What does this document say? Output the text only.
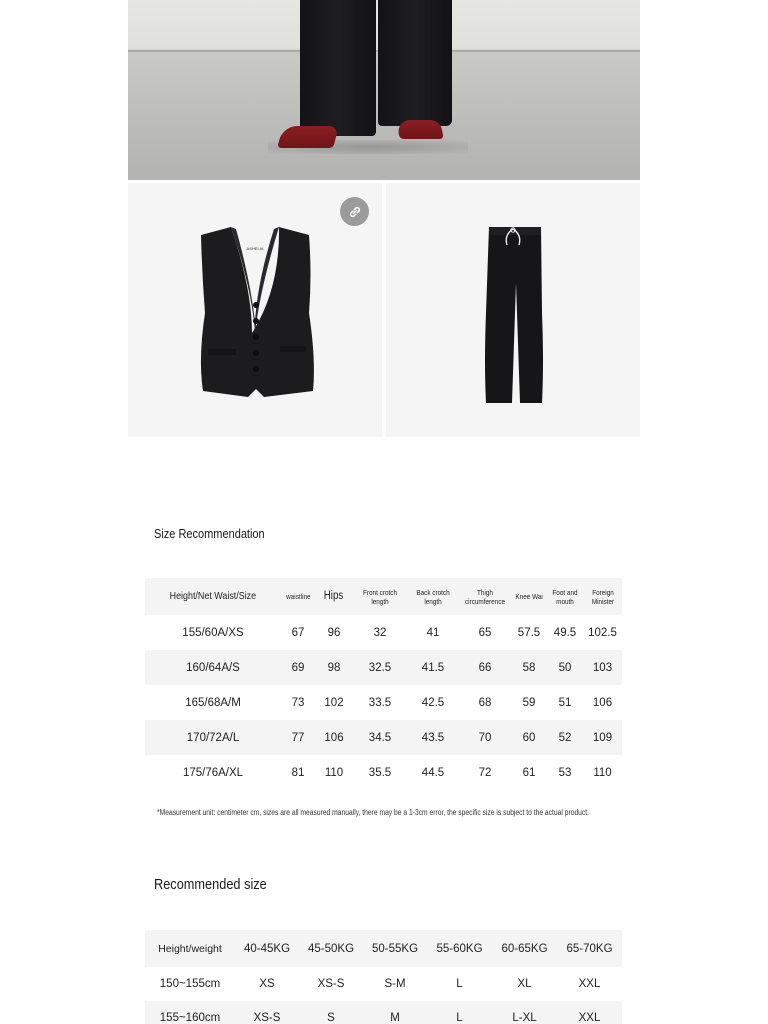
ASHELIA
Size Recommendation
Height/Net Waist/Size	waistline	Hips	Front crotch length	Back crotch length	Thigh circumference	Knee Wai	Foot and mouth	Foreign Minister
155/60A/XS	67	96	32	41	65	57.5	49.5	102.5
160/64A/S	69	98	32.5	41.5	66	58	50	103
165/68A/M	73	102	33.5	42.5	68	59	51	106
170/72A/L	77	106	34.5	43.5	70	60	52	109
175/76A/XL	81	110	35.5	44.5	72	61	53	110
*Measurement unit: centimeter cm, sizes are all measured manually, there may be a 1-3cm error, the specific size is subject to the actual product.
Recommended size
Height/weight	40-45KG	45-50KG	50-55KG	55-60KG	60-65KG	65-70KG
150~155cm	XS	XS-S	S-M	L	XL	XXL
155~160cm	XS-S	S	M	L	L-XL	XXL
